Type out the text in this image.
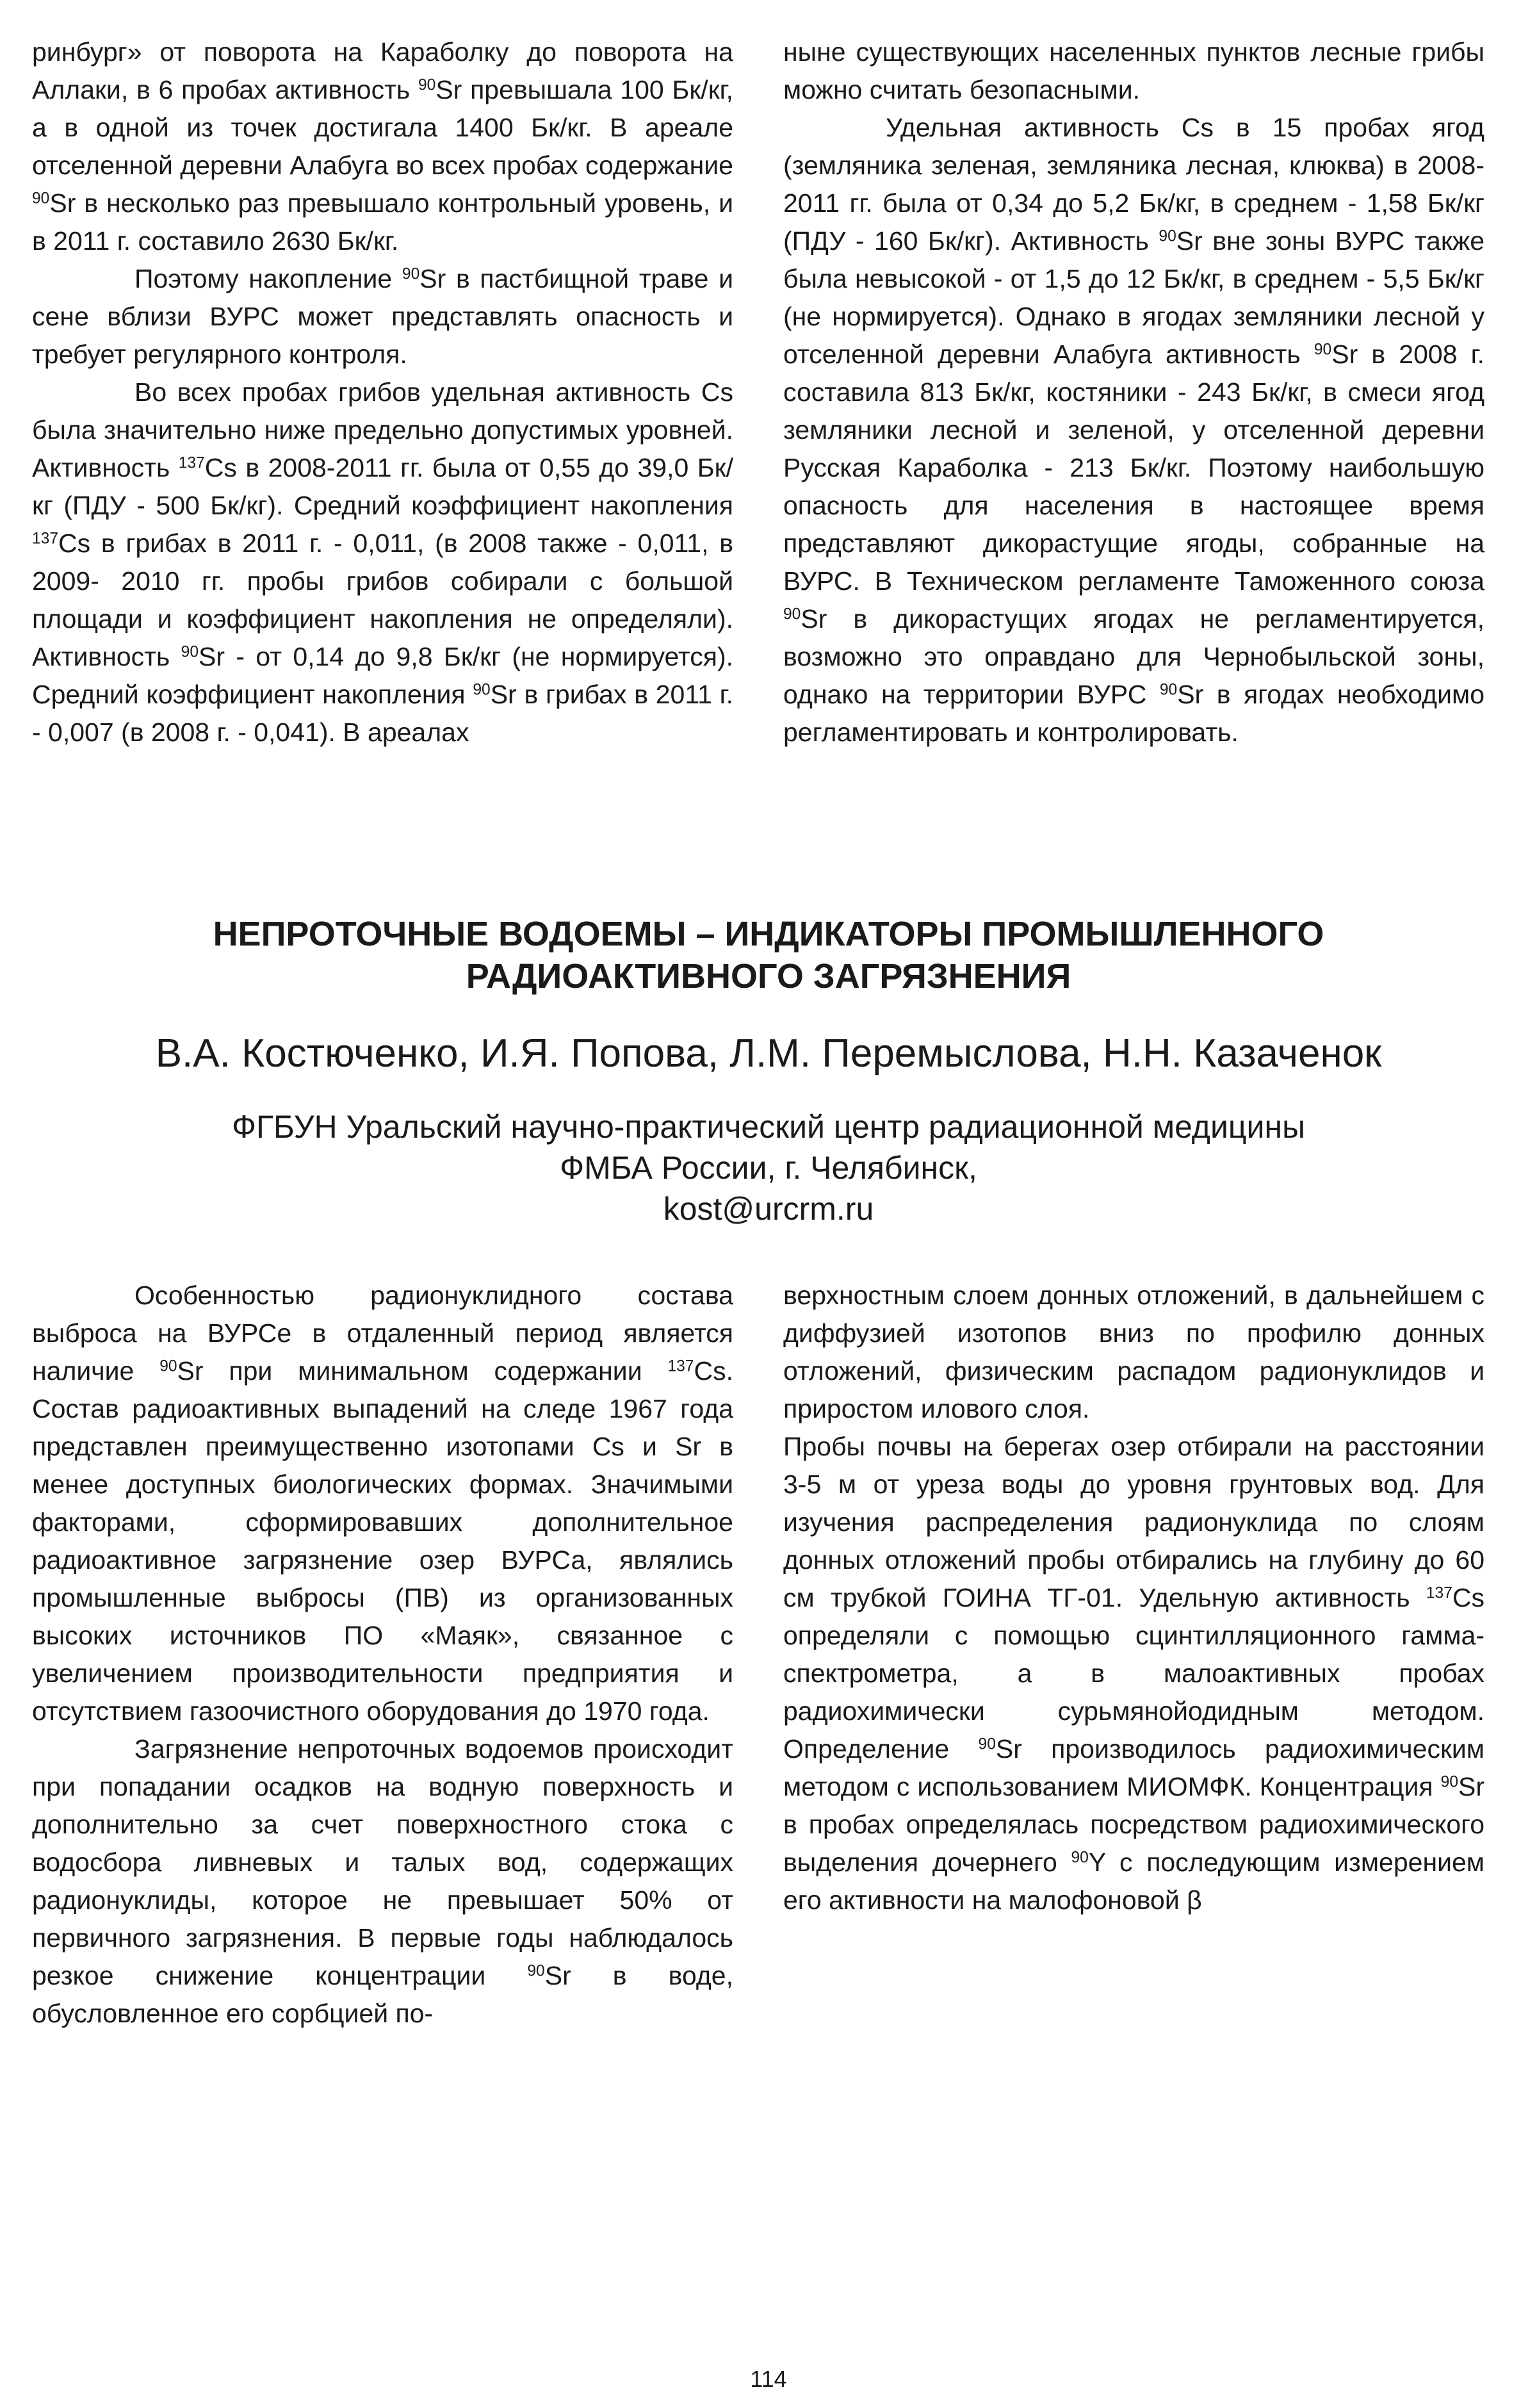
ринбург» от поворота на Караболку до поворота на Аллаки, в 6 пробах активность $^{90}$Sr превышала 100 Бк/кг, а в одной из точек достигала 1400 Бк/кг. В ареале отселенной деревни Алабуга во всех пробах содержание $^{90}$Sr в несколько раз превышало контрольный уровень, и в 2011 г. составило 2630 Бк/кг.

Поэтому накопление $^{90}$Sr в пастбищной траве и сене вблизи ВУРС может представлять опасность и требует регулярного контроля.

Во всех пробах грибов удельная активность Cs была значительно ниже предельно допустимых уровней. Активность $^{137}$Cs в 2008-2011 гг. была от 0,55 до 39,0 Бк/кг (ПДУ - 500 Бк/кг). Средний коэффициент накопления $^{137}$Cs в грибах в 2011 г. - 0,011, (в 2008 также - 0,011, в 2009- 2010 гг. пробы грибов собирали с большой площади и коэффициент накопления не определяли). Активность $^{90}$Sr - от 0,14 до 9,8 Бк/кг (не нормируется). Средний коэффициент накопления $^{90}$Sr в грибах в 2011 г. - 0,007 (в 2008 г. - 0,041). В ареалах

ныне существующих населенных пунктов лесные грибы можно считать безопасными.

Удельная активность Cs в 15 пробах ягод (земляника зеленая, земляника лесная, клюква) в 2008-2011 гг. была от 0,34 до 5,2 Бк/кг, в среднем - 1,58 Бк/кг (ПДУ - 160 Бк/кг). Активность $^{90}$Sr вне зоны ВУРС также была невысокой - от 1,5 до 12 Бк/кг, в среднем - 5,5 Бк/кг (не нормируется). Однако в ягодах земляники лесной у отселенной деревни Алабуга активность $^{90}$Sr в 2008 г. составила 813 Бк/кг, костяники - 243 Бк/кг, в смеси ягод земляники лесной и зеленой, у отселенной деревни Русская Караболка - 213 Бк/кг. Поэтому наибольшую опасность для населения в настоящее время представляют дикорастущие ягоды, собранные на ВУРС. В Техническом регламенте Таможенного союза $^{90}$Sr в дикорастущих ягодах не регламентируется, возможно это оправдано для Чернобыльской зоны, однако на территории ВУРС $^{90}$Sr в ягодах необходимо регламентировать и контролировать.

НЕПРОТОЧНЫЕ ВОДОЕМЫ – ИНДИКАТОРЫ ПРОМЫШЛЕННОГО
РАДИОАКТИВНОГО ЗАГРЯЗНЕНИЯ

В.А. Костюченко, И.Я. Попова, Л.М. Перемыслова, Н.Н. Казаченок

ФГБУН Уральский научно-практический центр радиационной медицины
ФМБА России, г. Челябинск,
kost@urcrm.ru

Особенностью радионуклидного состава выброса на ВУРСе в отдаленный период является наличие $^{90}$Sr при минимальном содержании $^{137}$Cs. Состав радиоактивных выпадений на следе 1967 года представлен преимущественно изотопами Cs и Sr в менее доступных биологических формах. Значимыми факторами, сформировавших дополнительное радиоактивное загрязнение озер ВУРСа, являлись промышленные выбросы (ПВ) из организованных высоких источников ПО «Маяк», связанное с увеличением производительности предприятия и отсутствием газоочистного оборудования до 1970 года.

Загрязнение непроточных водоемов происходит при попадании осадков на водную поверхность и дополнительно за счет поверхностного стока с водосбора ливневых и талых вод, содержащих радионуклиды, которое не превышает 50% от первичного загрязнения. В первые годы наблюдалось резкое снижение концентрации $^{90}$Sr в воде, обусловленное его сорбцией по-

верхностным слоем донных отложений, в дальнейшем с диффузией изотопов вниз по профилю донных отложений, физическим распадом радионуклидов и приростом илового слоя.

Пробы почвы на берегах озер отбирали на расстоянии 3-5 м от уреза воды до уровня грунтовых вод. Для изучения распределения радионуклида по слоям донных отложений пробы отбирались на глубину до 60 см трубкой ГОИНА ТГ-01. Удельную активность $^{137}$Cs определяли с помощью сцинтилляционного гамма-спектрометра, а в малоактивных пробах радиохимически сурьмянойодидным методом. Определение $^{90}$Sr производилось радиохимическим методом с использованием МИОМФК. Концентрация $^{90}$Sr в пробах определялась посредством радиохимического выделения дочернего $^{90}$Y с последующим измерением его активности на малофоновой β

114
